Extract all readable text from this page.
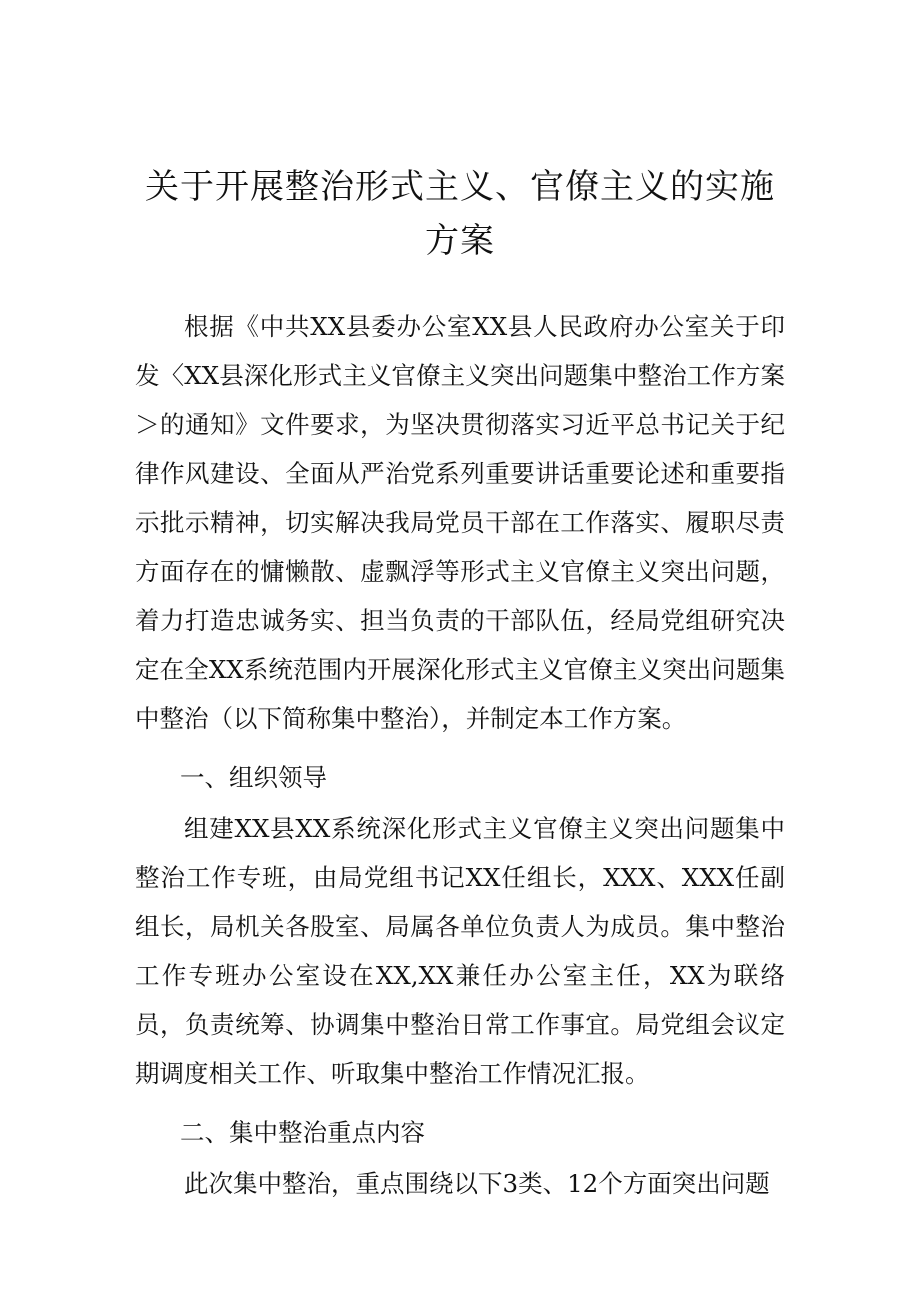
关于开展整治形式主义、官僚主义的实施
方案

根据《中共XX县委办公室XX县人民政府办公室关于印发〈XX县深化形式主义官僚主义突出问题集中整治工作方案＞的通知》文件要求，为坚决贯彻落实习近平总书记关于纪律作风建设、全面从严治党系列重要讲话重要论述和重要指示批示精神，切实解决我局党员干部在工作落实、履职尽责方面存在的慵懒散、虚飘浮等形式主义官僚主义突出问题，着力打造忠诚务实、担当负责的干部队伍，经局党组研究决定在全XX系统范围内开展深化形式主义官僚主义突出问题集中整治（以下简称集中整治），并制定本工作方案。

一、组织领导

组建XX县XX系统深化形式主义官僚主义突出问题集中整治工作专班，由局党组书记XX任组长，XXX、XXX任副组长，局机关各股室、局属各单位负责人为成员。集中整治工作专班办公室设在XX,XX兼任办公室主任，XX为联络员，负责统筹、协调集中整治日常工作事宜。局党组会议定期调度相关工作、听取集中整治工作情况汇报。

二、集中整治重点内容

此次集中整治，重点围绕以下3类、12个方面突出问题
